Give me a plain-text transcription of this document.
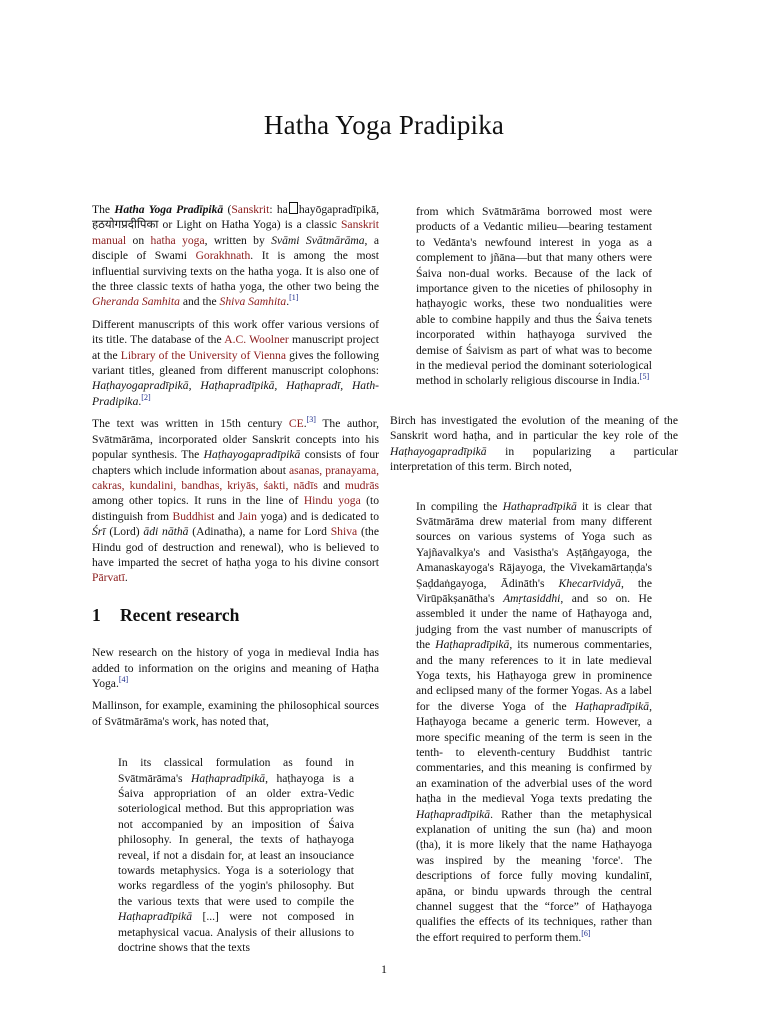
Hatha Yoga Pradipika

The Hatha Yoga Pradīpikā (Sanskrit: ha hayōgapradīpikā, हठयोगप्रदीपिका or Light on Hatha Yoga) is a classic Sanskrit manual on hatha yoga, written by Svāmi Svātmārāma, a disciple of Swami Gorakhnath. It is among the most influential surviving texts on the hatha yoga. It is also one of the three classic texts of hatha yoga, the other two being the Gheranda Samhita and the Shiva Samhita.[1]

Different manuscripts of this work offer various versions of its title. The database of the A.C. Woolner manuscript project at the Library of the University of Vienna gives the following variant titles, gleaned from different manuscript colophons: Haṭhayogapradīpikā, Haṭhapradīpikā, Haṭhapradī, Hath-Pradipika.[2]

The text was written in 15th century CE.[3] The author, Svātmārāma, incorporated older Sanskrit concepts into his popular synthesis. The Haṭhayogapradīpikā consists of four chapters which include information about asanas, pranayama, cakras, kundalini, bandhas, kriyās, śakti, nādīs and mudrās among other topics. It runs in the line of Hindu yoga (to distinguish from Buddhist and Jain yoga) and is dedicated to Śrī (Lord) ādi nāthā (Adinatha), a name for Lord Shiva (the Hindu god of destruction and renewal), who is believed to have imparted the secret of haṭha yoga to his divine consort Pārvatī.

1 Recent research

New research on the history of yoga in medieval India has added to information on the origins and meaning of Haṭha Yoga.[4]

Mallinson, for example, examining the philosophical sources of Svātmārāma's work, has noted that,

In its classical formulation as found in Svātmārāma's Haṭhapradīpikā, haṭhayoga is a Śaiva appropriation of an older extra-Vedic soteriological method. But this appropriation was not accompanied by an imposition of Śaiva philosophy. In general, the texts of haṭhayoga reveal, if not a disdain for, at least an insouciance towards metaphysics. Yoga is a soteriology that works regardless of the yogin's philosophy. But the various texts that were used to compile the Haṭhapradīpikā [...] were not composed in metaphysical vacua. Analysis of their allusions to doctrine shows that the texts

from which Svātmārāma borrowed most were products of a Vedantic milieu—bearing testament to Vedānta's newfound interest in yoga as a complement to jñāna—but that many others were Śaiva non-dual works. Because of the lack of importance given to the niceties of philosophy in haṭhayogic works, these two nondualities were able to combine happily and thus the Śaiva tenets incorporated within haṭhayoga survived the demise of Śaivism as part of what was to become in the medieval period the dominant soteriological method in scholarly religious discourse in India.[5]

Birch has investigated the evolution of the meaning of the Sanskrit word haṭha, and in particular the key role of the Haṭhayogapradīpikā in popularizing a particular interpretation of this term. Birch noted,

In compiling the Hathapradīpikā it is clear that Svātmārāma drew material from many different sources on various systems of Yoga such as Yajñavalkya's and Vasistha's Aṣṭāṅgayoga, the Amanaskayoga's Rājayoga, the Vivekamārtaṇḍa's Ṣaḍdaṅgayoga, Ādināth's Khecarīvidyā, the Virūpākṣanātha's Amṛtasiddhi, and so on. He assembled it under the name of Haṭhayoga and, judging from the vast number of manuscripts of the Haṭhapradīpikā, its numerous commentaries, and the many references to it in late medieval Yoga texts, his Haṭhayoga grew in prominence and eclipsed many of the former Yogas. As a label for the diverse Yoga of the Haṭhapradīpikā, Haṭhayoga became a generic term. However, a more specific meaning of the term is seen in the tenth- to eleventh-century Buddhist tantric commentaries, and this meaning is confirmed by an examination of the adverbial uses of the word haṭha in the medieval Yoga texts predating the Haṭhapradīpikā. Rather than the metaphysical explanation of uniting the sun (ha) and moon (ṭha), it is more likely that the name Haṭhayoga was inspired by the meaning 'force'. The descriptions of force fully moving kundalinī, apāna, or bindu upwards through the central channel suggest that the “force” of Haṭhayoga qualifies the effects of its techniques, rather than the effort required to perform them.[6]

1
